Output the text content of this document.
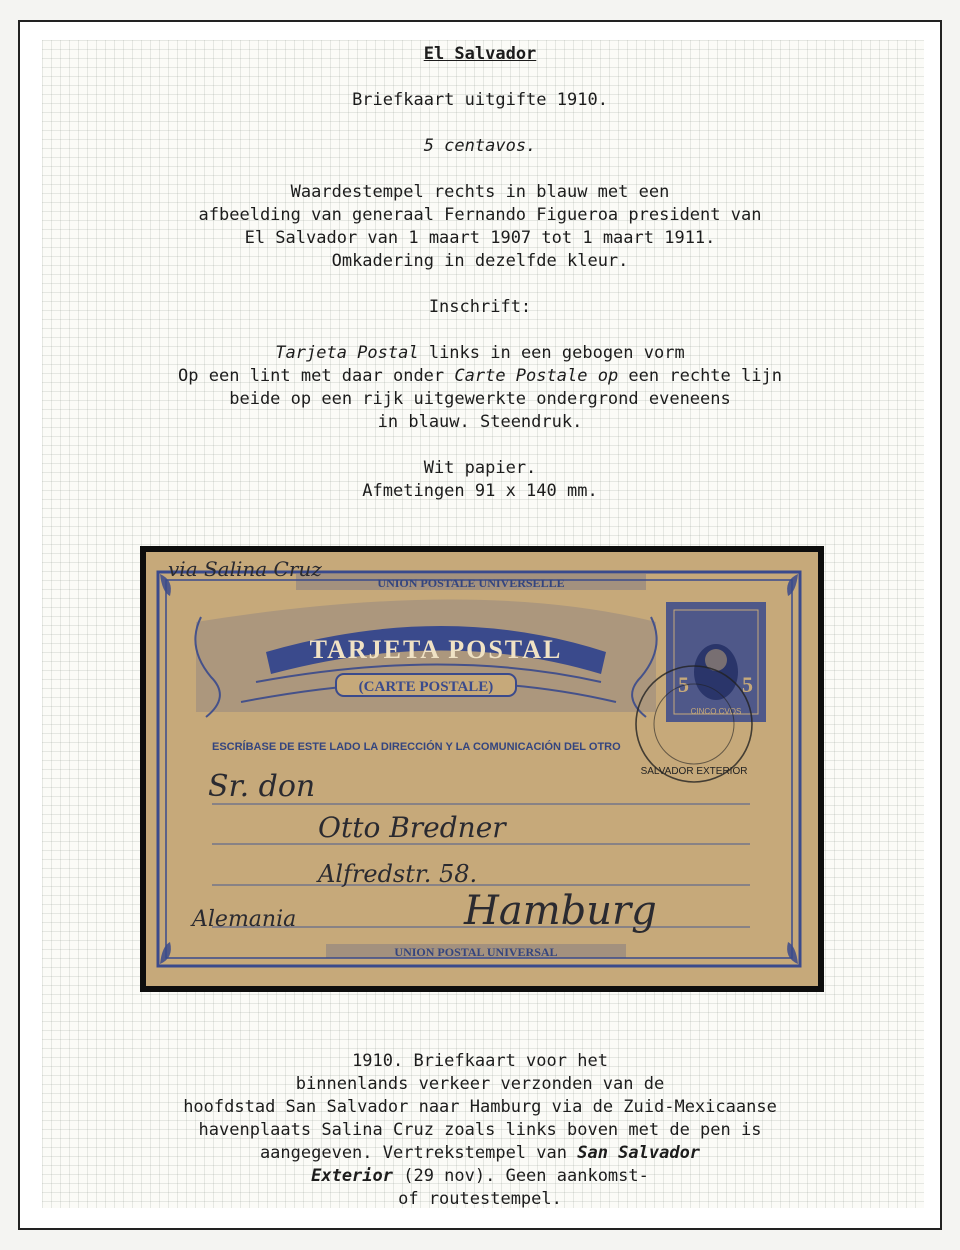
El Salvador
Briefkaart uitgifte 1910.
5 centavos.
Waardestempel rechts in blauw met een
afbeelding van generaal Fernando Figueroa president van
El Salvador van 1 maart 1907 tot 1 maart 1911.
Omkadering in dezelfde kleur.
Inschrift:
Tarjeta Postal links in een gebogen vorm
Op een lint met daar onder Carte Postale op een rechte lijn
beide op een rijk uitgewerkte ondergrond eveneens
in blauw. Steendruk.
Wit papier.
Afmetingen 91 x 140 mm.
UNION POSTALE UNIVERSELLE
TARJETA POSTAL
(CARTE POSTALE)
ESCRÍBASE DE ESTE LADO LA DIRECCIÓN Y LA COMUNICACIÓN DEL OTRO
5 5
CINCO CVOS
SALVADOR EXTERIOR
UNION POSTAL UNIVERSAL
via Salina Cruz
Sr. don
Otto Bredner
Alfredstr. 58.
Alemania	Hamburg
1910. Briefkaart voor het
binnenlands verkeer verzonden van de
hoofdstad San Salvador naar Hamburg via de Zuid-Mexicaanse
havenplaats Salina Cruz zoals links boven met de pen is
aangegeven. Vertrekstempel van San Salvador
Exterior (29 nov). Geen aankomst-
of routestempel.
